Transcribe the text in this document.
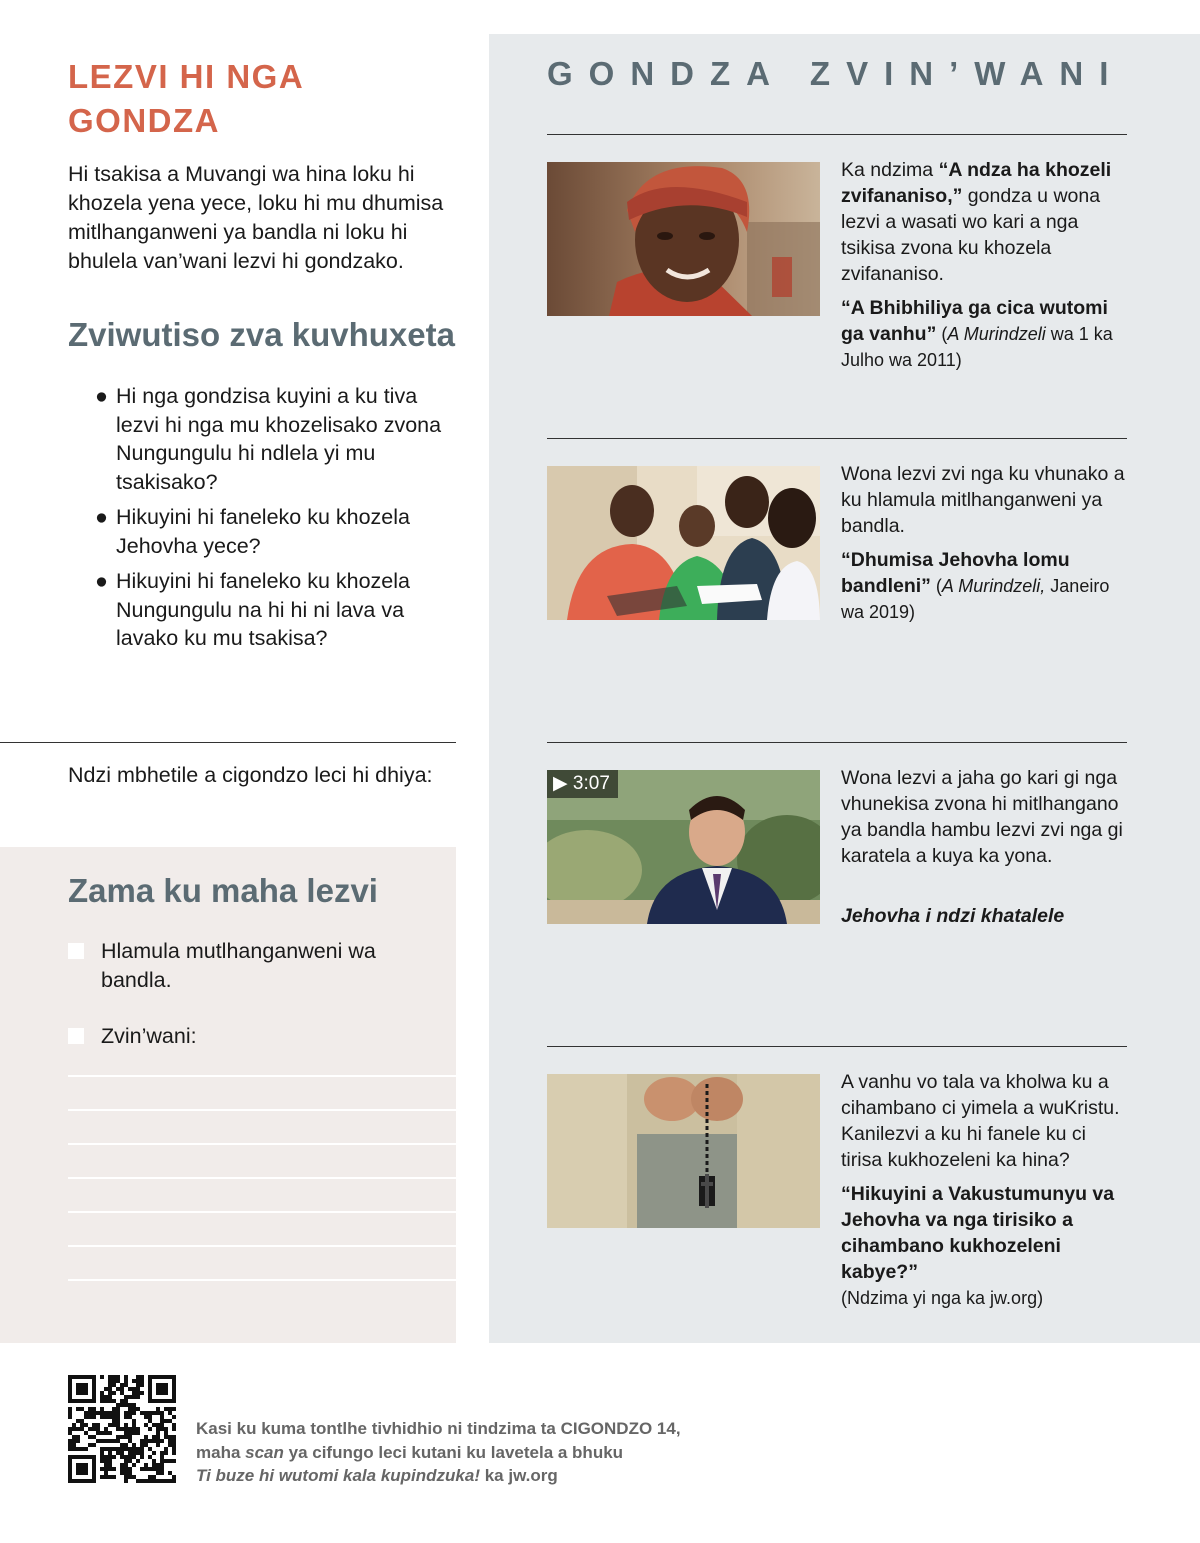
LEZVI HI NGA GONDZA
Hi tsakisa a Muvangi wa hina loku hi khozela yena yece, loku hi mu dhumisa mitlhanganweni ya bandla ni loku hi bhulela van’wani lezvi hi gondzako.
Zviwutiso zva kuvhuxeta
● Hi nga gondzisa kuyini a ku tiva lezvi hi nga mu khozelisako zvona Nungungulu hi ndlela yi mu tsakisako?
● Hikuyini hi faneleko ku khozela Jehovha yece?
● Hikuyini hi faneleko ku khozela Nungungulu na hi hi ni lava va lavako ku mu tsakisa?
Ndzi mbhetile a cigondzo leci hi dhiya:
Zama ku maha lezvi
Hlamula mutlhanganweni wa bandla.
Zvin’wani:
GONDZA ZVIN’WANI
Ka ndzima “A ndza ha khozeli zvifananiso,” gondza u wona lezvi a wasati wo kari a nga tsikisa zvona ku khozela zvifananiso.
“A Bhibhiliya ga cica wutomi ga vanhu” (A Murindzeli wa 1 ka Julho wa 2011)
Wona lezvi zvi nga ku vhunako a ku hlamula mitlhanganweni ya bandla.
“Dhumisa Jehovha lomu bandleni” (A Murindzeli, Janeiro wa 2019)
▶ 3:07	Wona lezvi a jaha go kari gi nga vhunekisa zvona hi mitlhangano ya bandla hambu lezvi zvi nga gi karatela a kuya ka yona.
Jehovha i ndzi khatalele
A vanhu vo tala va kholwa ku a cihambano ci yimela a wuKristu. Kanilezvi a ku hi fanele ku ci tirisa kukhozeleni ka hina?
“Hikuyini a Vakustumunyu va Jehovha va nga tirisiko a cihambano kukhozeleni kabye?”
(Ndzima yi nga ka jw.org)
Kasi ku kuma tontlhe tivhidhio ni tindzima ta CIGONDZO 14,
maha scan ya cifungo leci kutani ku lavetela a bhuku
Ti buze hi wutomi kala kupindzuka! ka jw.org
